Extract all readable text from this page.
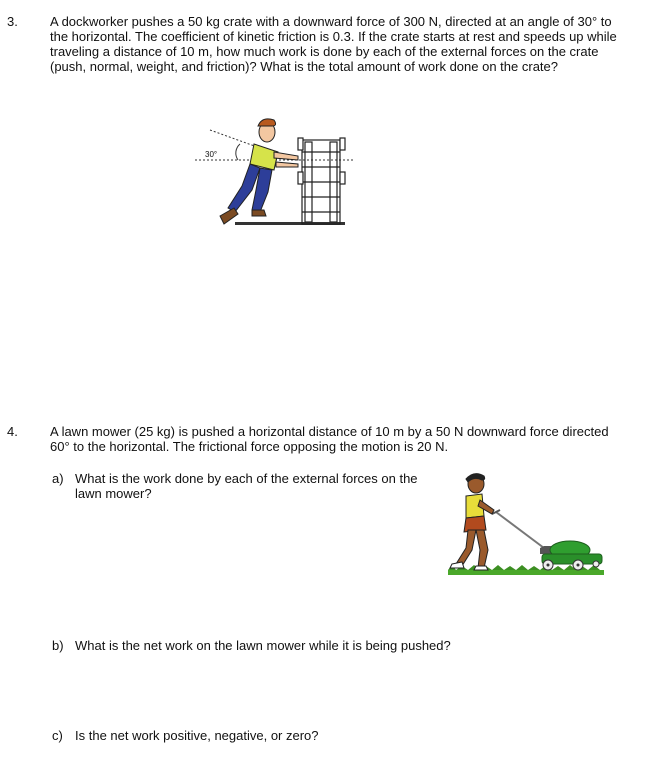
3. A dockworker pushes a 50 kg crate with a downward force of 300 N, directed at an angle of 30° to the horizontal. The coefficient of kinetic friction is 0.3. If the crate starts at rest and speeds up while traveling a distance of 10 m, how much work is done by each of the external forces on the crate (push, normal, weight, and friction)? What is the total amount of work done on the crate?
30°
4. A lawn mower (25 kg) is pushed a horizontal distance of 10 m by a 50 N downward force directed 60° to the horizontal. The frictional force opposing the motion is 20 N.
a) What is the work done by each of the external forces on the lawn mower?
b) What is the net work on the lawn mower while it is being pushed?
c) Is the net work positive, negative, or zero?
